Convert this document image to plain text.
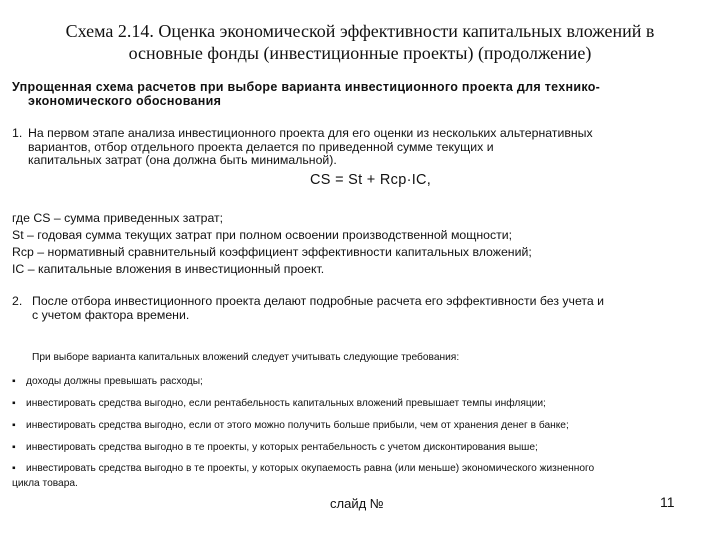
Схема 2.14. Оценка экономической эффективности капитальных вложений в
основные фонды (инвестиционные проекты) (продолжение)
Упрощенная схема расчетов при выборе варианта инвестиционного проекта для технико-
экономического обоснования
1. На первом этапе анализа инвестиционного проекта для его оценки из нескольких альтернативных
вариантов, отбор отдельного проекта делается по приведенной сумме текущих и
капитальных затрат (она должна быть минимальной).
CS = St + Rср·IC,
где CS – сумма приведенных затрат;
St – годовая сумма текущих затрат при полном освоении производственной мощности;
Rср – нормативный сравнительный коэффициент эффективности капитальных вложений;
IC – капитальные вложения в инвестиционный проект.
2. После отбора инвестиционного проекта делают подробные расчета его эффективности без учета и
с учетом фактора времени.
При выборе варианта капитальных вложений следует учитывать следующие требования:
▪ доходы должны превышать расходы;
▪ инвестировать средства выгодно, если рентабельность капитальных вложений превышает темпы инфляции;
▪ инвестировать средства выгодно, если от этого можно получить больше прибыли, чем от хранения денег в банке;
▪ инвестировать средства выгодно в те проекты, у которых рентабельность с учетом дисконтирования выше;
▪ инвестировать средства выгодно в те проекты, у которых окупаемость равна (или меньше) экономического жизненного
цикла товара.
слайд №	11
